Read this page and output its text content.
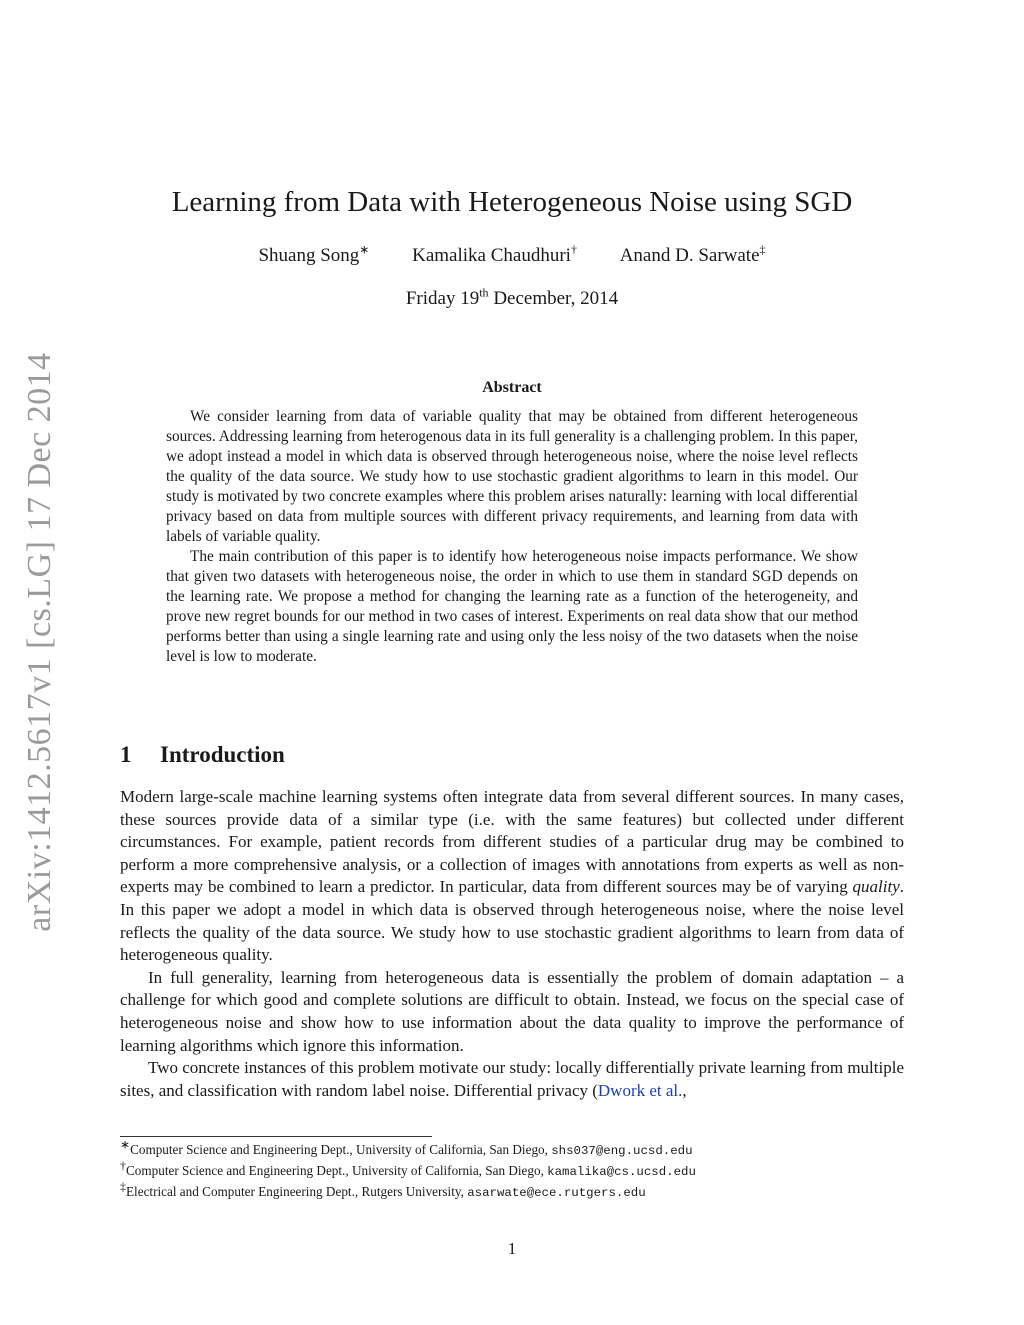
arXiv:1412.5617v1 [cs.LG] 17 Dec 2014
Learning from Data with Heterogeneous Noise using SGD
Shuang Song∗ Kamalika Chaudhuri† Anand D. Sarwate‡
Friday 19th December, 2014
Abstract

We consider learning from data of variable quality that may be obtained from different heterogeneous sources. Addressing learning from heterogenous data in its full generality is a challenging problem. In this paper, we adopt instead a model in which data is observed through heterogeneous noise, where the noise level reflects the quality of the data source. We study how to use stochastic gradient algorithms to learn in this model. Our study is motivated by two concrete examples where this problem arises naturally: learning with local differential privacy based on data from multiple sources with different privacy requirements, and learning from data with labels of variable quality.

The main contribution of this paper is to identify how heterogeneous noise impacts performance. We show that given two datasets with heterogeneous noise, the order in which to use them in standard SGD depends on the learning rate. We propose a method for changing the learning rate as a function of the heterogeneity, and prove new regret bounds for our method in two cases of interest. Experiments on real data show that our method performs better than using a single learning rate and using only the less noisy of the two datasets when the noise level is low to moderate.

1 Introduction

Modern large-scale machine learning systems often integrate data from several different sources. In many cases, these sources provide data of a similar type (i.e. with the same features) but collected under different circumstances. For example, patient records from different studies of a particular drug may be combined to perform a more comprehensive analysis, or a collection of images with annotations from experts as well as non-experts may be combined to learn a predictor. In particular, data from different sources may be of varying quality. In this paper we adopt a model in which data is observed through heterogeneous noise, where the noise level reflects the quality of the data source. We study how to use stochastic gradient algorithms to learn from data of heterogeneous quality.

In full generality, learning from heterogeneous data is essentially the problem of domain adaptation – a challenge for which good and complete solutions are difficult to obtain. Instead, we focus on the special case of heterogeneous noise and show how to use information about the data quality to improve the performance of learning algorithms which ignore this information.

Two concrete instances of this problem motivate our study: locally differentially private learning from multiple sites, and classification with random label noise. Differential privacy (Dwork et al.,

∗Computer Science and Engineering Dept., University of California, San Diego, shs037@eng.ucsd.edu
†Computer Science and Engineering Dept., University of California, San Diego, kamalika@cs.ucsd.edu
‡Electrical and Computer Engineering Dept., Rutgers University, asarwate@ece.rutgers.edu
1
